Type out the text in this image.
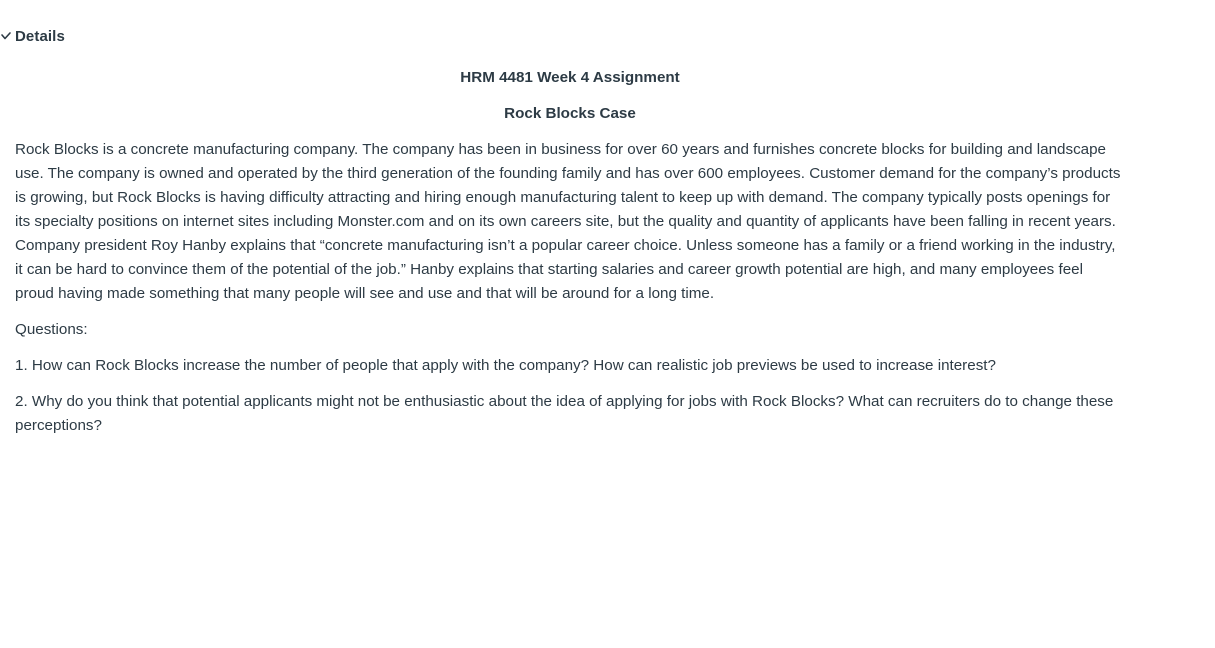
Details

HRM 4481 Week 4 Assignment

Rock Blocks Case

Rock Blocks is a concrete manufacturing company. The company has been in business for over 60 years and furnishes concrete blocks for building and landscape use. The company is owned and operated by the third generation of the founding family and has over 600 employees. Customer demand for the company’s products is growing, but Rock Blocks is having difficulty attracting and hiring enough manufacturing talent to keep up with demand. The company typically posts openings for its specialty positions on internet sites including Monster.com and on its own careers site, but the quality and quantity of applicants have been falling in recent years. Company president Roy Hanby explains that “concrete manufacturing isn’t a popular career choice. Unless someone has a family or a friend working in the industry, it can be hard to convince them of the potential of the job.” Hanby explains that starting salaries and career growth potential are high, and many employees feel proud having made something that many people will see and use and that will be around for a long time.

Questions:

1. How can Rock Blocks increase the number of people that apply with the company? How can realistic job previews be used to increase interest?

2. Why do you think that potential applicants might not be enthusiastic about the idea of applying for jobs with Rock Blocks? What can recruiters do to change these perceptions?
